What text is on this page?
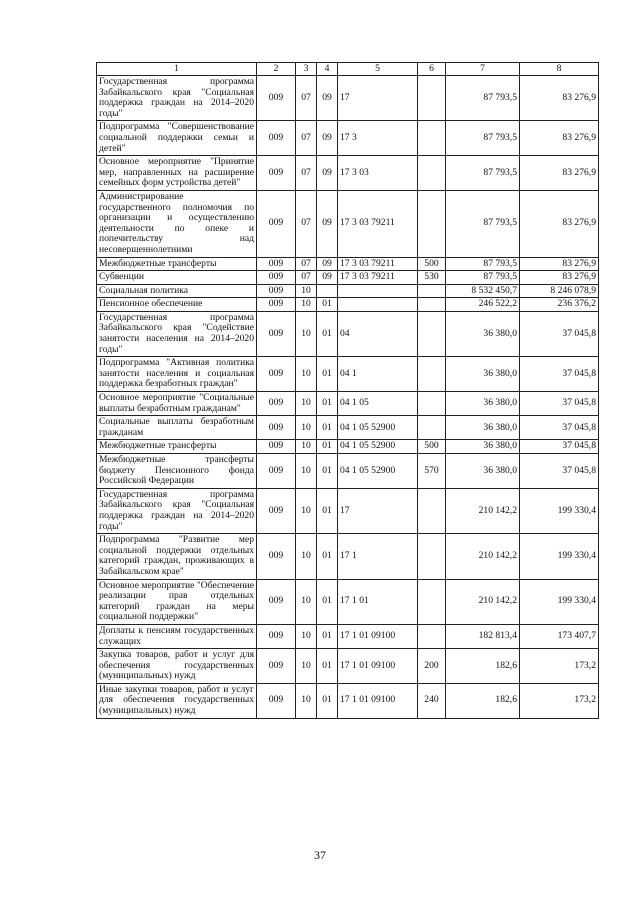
1	2	3	4	5	6	7	8
Государственная программа Забайкальского края "Социальная поддержка граждан на 2014–2020 годы"	009	07	09	17		87 793,5	83 276,9
Подпрограмма "Совершенствование социальной поддержки семьи и детей"	009	07	09	17 3		87 793,5	83 276,9
Основное мероприятие "Принятие мер, направленных на расширение семейных форм устройства детей"	009	07	09	17 3 03		87 793,5	83 276,9
Администрирование государственного полномочия по организации и осуществлению деятельности по опеке и попечительству над несовершеннолетними	009	07	09	17 3 03 79211		87 793,5	83 276,9
Межбюджетные трансферты	009	07	09	17 3 03 79211	500	87 793,5	83 276,9
Субвенции	009	07	09	17 3 03 79211	530	87 793,5	83 276,9
Социальная политика	009	10				8 532 450,7	8 246 078,9
Пенсионное обеспечение	009	10	01			246 522,2	236 376,2
Государственная программа Забайкальского края "Содействие занятости населения на 2014–2020 годы"	009	10	01	04		36 380,0	37 045,8
Подпрограмма "Активная политика занятости населения и социальная поддержка безработных граждан"	009	10	01	04 1		36 380,0	37 045,8
Основное мероприятие "Социальные выплаты безработным гражданам"	009	10	01	04 1 05		36 380,0	37 045,8
Социальные выплаты безработным гражданам	009	10	01	04 1 05 52900		36 380,0	37 045,8
Межбюджетные трансферты	009	10	01	04 1 05 52900	500	36 380,0	37 045,8
Межбюджетные трансферты бюджету Пенсионного фонда Российской Федерации	009	10	01	04 1 05 52900	570	36 380,0	37 045,8
Государственная программа Забайкальского края "Социальная поддержка граждан на 2014–2020 годы"	009	10	01	17		210 142,2	199 330,4
Подпрограмма "Развитие мер социальной поддержки отдельных категорий граждан, проживающих в Забайкальском крае"	009	10	01	17 1		210 142,2	199 330,4
Основное мероприятие "Обеспечение реализации прав отдельных категорий граждан на меры социальной поддержки"	009	10	01	17 1 01		210 142,2	199 330,4
Доплаты к пенсиям государственных служащих	009	10	01	17 1 01 09100		182 813,4	173 407,7
Закупка товаров, работ и услуг для обеспечения государственных (муниципальных) нужд	009	10	01	17 1 01 09100	200	182,6	173,2
Иные закупки товаров, работ и услуг для обеспечения государственных (муниципальных) нужд	009	10	01	17 1 01 09100	240	182,6	173,2
37
